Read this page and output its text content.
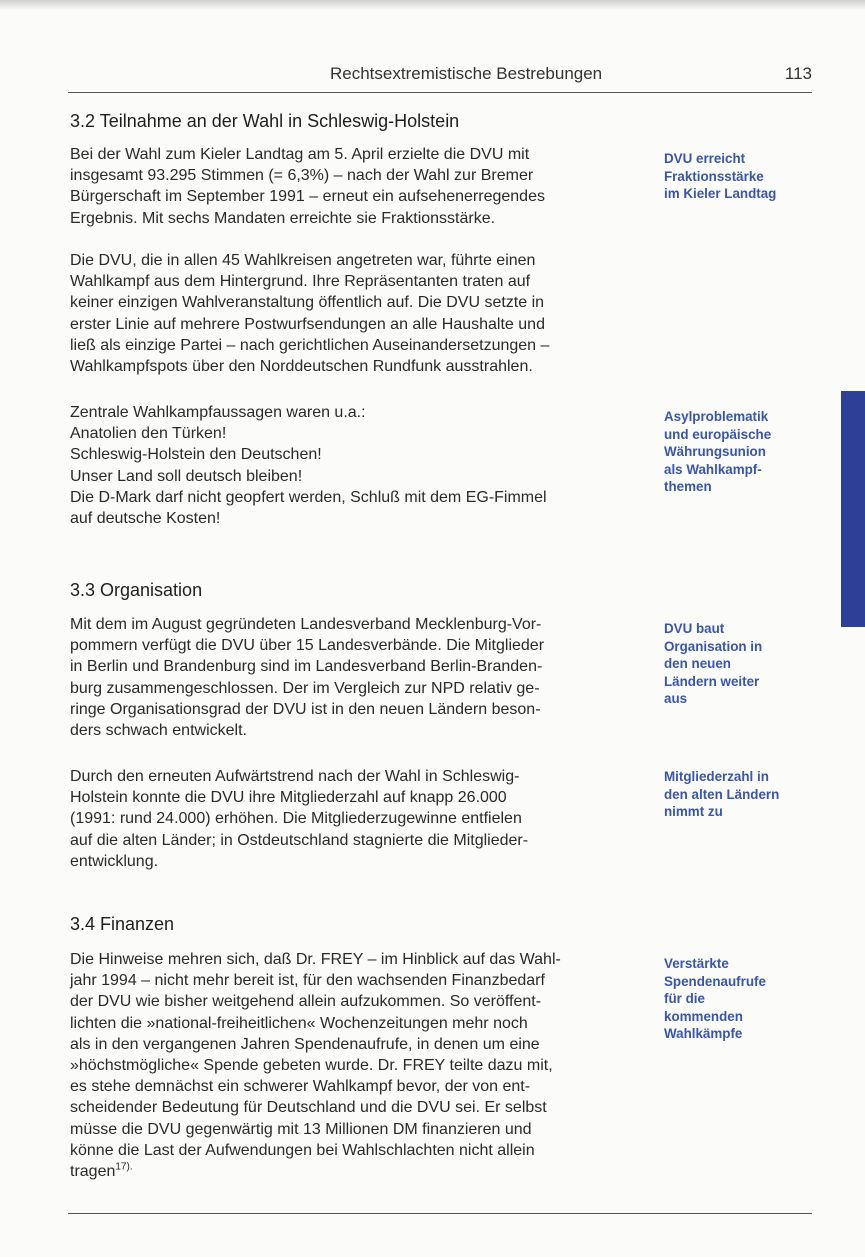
Rechtsextremistische Bestrebungen	113
3.2 Teilnahme an der Wahl in Schleswig-Holstein

Bei der Wahl zum Kieler Landtag am 5. April erzielte die DVU mit
insgesamt 93.295 Stimmen (= 6,3%) – nach der Wahl zur Bremer
Bürgerschaft im September 1991 – erneut ein aufsehenerregendes
Ergebnis. Mit sechs Mandaten erreichte sie Fraktionsstärke.

Die DVU, die in allen 45 Wahlkreisen angetreten war, führte einen
Wahlkampf aus dem Hintergrund. Ihre Repräsentanten traten auf
keiner einzigen Wahlveranstaltung öffentlich auf. Die DVU setzte in
erster Linie auf mehrere Postwurfsendungen an alle Haushalte und
ließ als einzige Partei – nach gerichtlichen Auseinandersetzungen –
Wahlkampfspots über den Norddeutschen Rundfunk ausstrahlen.

Zentrale Wahlkampfaussagen waren u.a.:
Anatolien den Türken!
Schleswig-Holstein den Deutschen!
Unser Land soll deutsch bleiben!
Die D-Mark darf nicht geopfert werden, Schluß mit dem EG-Fimmel
auf deutsche Kosten!

DVU erreicht
Fraktionsstärke
im Kieler Landtag

Asylproblematik
und europäische
Währungsunion
als Wahlkampf-
themen

3.3 Organisation

Mit dem im August gegründeten Landesverband Mecklenburg-Vor-
pommern verfügt die DVU über 15 Landesverbände. Die Mitglieder
in Berlin und Brandenburg sind im Landesverband Berlin-Branden-
burg zusammengeschlossen. Der im Vergleich zur NPD relativ ge-
ringe Organisationsgrad der DVU ist in den neuen Ländern beson-
ders schwach entwickelt.

Durch den erneuten Aufwärtstrend nach der Wahl in Schleswig-
Holstein konnte die DVU ihre Mitgliederzahl auf knapp 26.000
(1991: rund 24.000) erhöhen. Die Mitgliederzugewinne entfielen
auf die alten Länder; in Ostdeutschland stagnierte die Mitglieder-
entwicklung.

DVU baut
Organisation in
den neuen
Ländern weiter
aus

Mitgliederzahl in
den alten Ländern
nimmt zu

3.4 Finanzen

Die Hinweise mehren sich, daß Dr. FREY – im Hinblick auf das Wahl-
jahr 1994 – nicht mehr bereit ist, für den wachsenden Finanzbedarf
der DVU wie bisher weitgehend allein aufzukommen. So veröffent-
lichten die »national-freiheitlichen« Wochenzeitungen mehr noch
als in den vergangenen Jahren Spendenaufrufe, in denen um eine
»höchstmögliche« Spende gebeten wurde. Dr. FREY teilte dazu mit,
es stehe demnächst ein schwerer Wahlkampf bevor, der von ent-
scheidender Bedeutung für Deutschland und die DVU sei. Er selbst
müsse die DVU gegenwärtig mit 13 Millionen DM finanzieren und
könne die Last der Aufwendungen bei Wahlschlachten nicht allein
tragen$^{17).}$

Verstärkte
Spendenaufrufe
für die
kommenden
Wahlkämpfe
